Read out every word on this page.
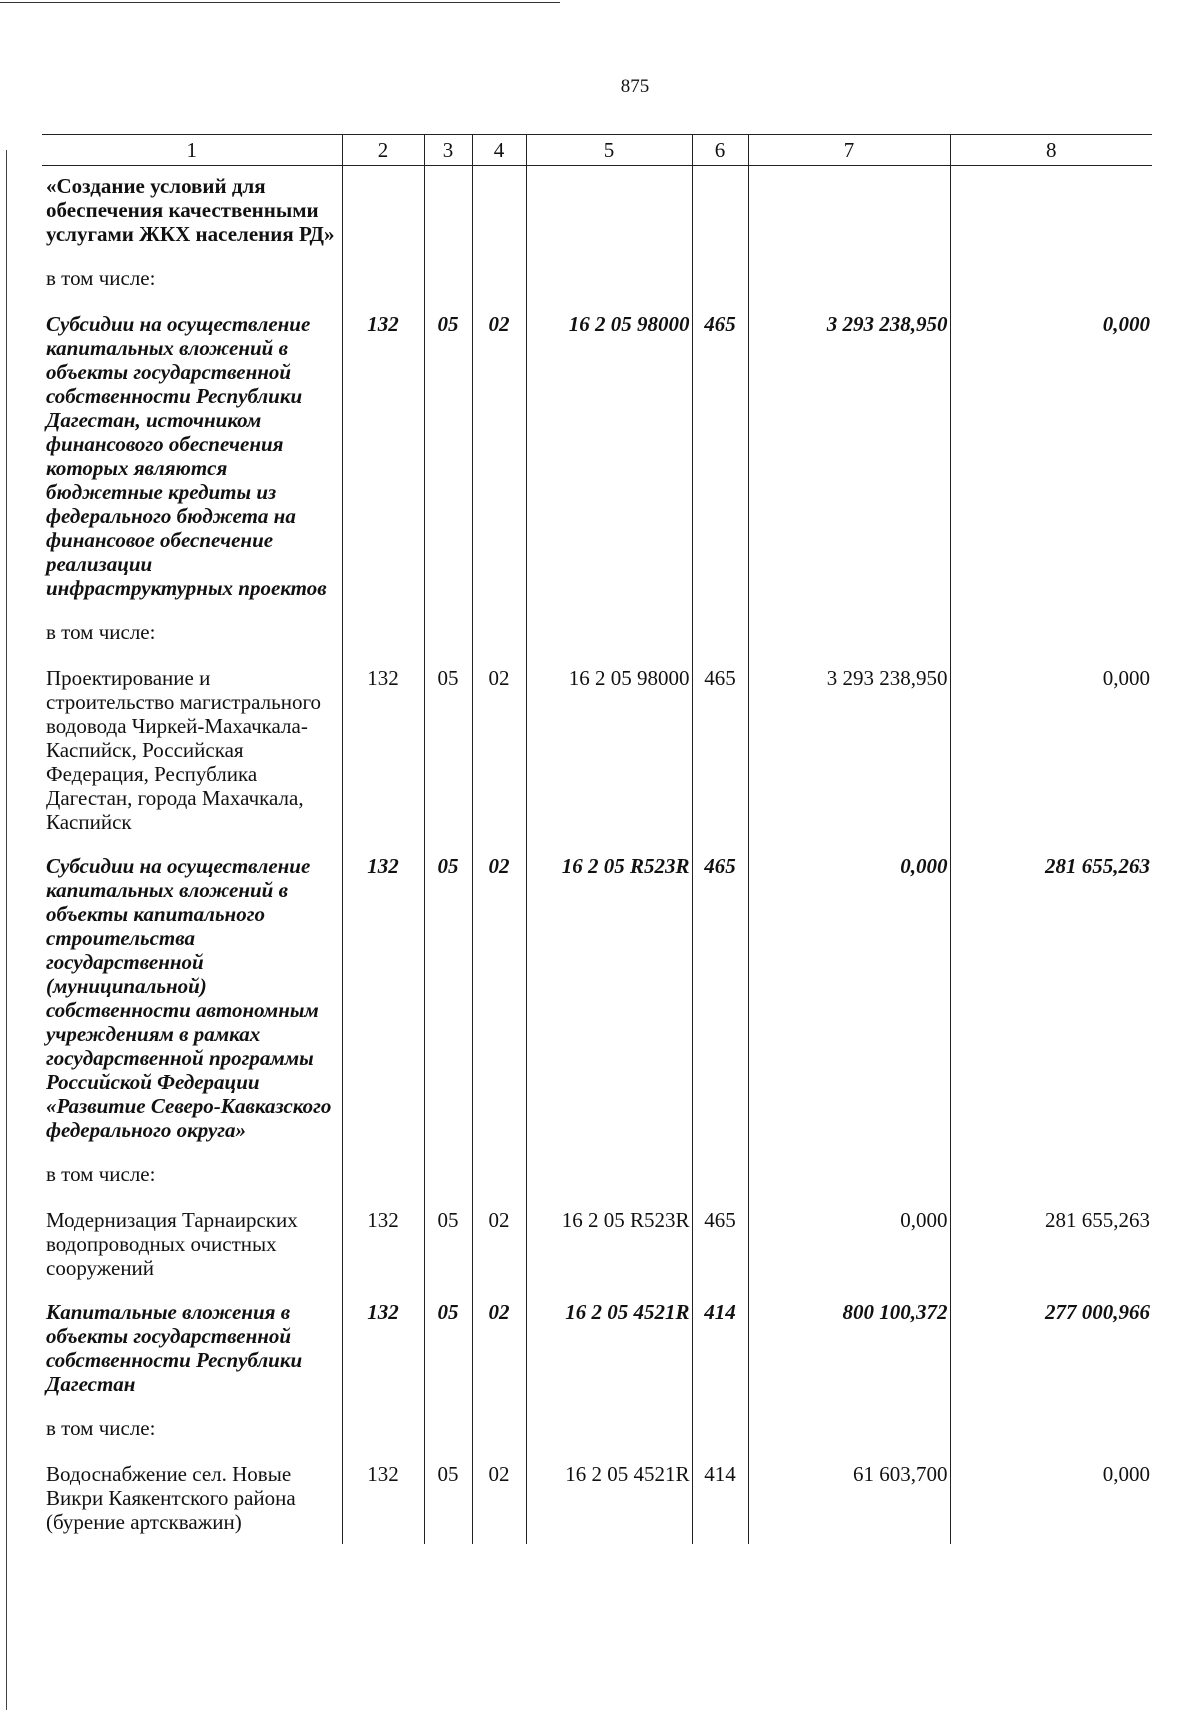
875
1	2	3	4	5	6	7	8
«Создание условий для обеспечения качественными услугами ЖКХ населения РД»							
в том числе:							
Субсидии на осуществление капитальных вложений в объекты государственной собственности Республики Дагестан, источником финансового обеспечения которых являются бюджетные кредиты из федерального бюджета на финансовое обеспечение реализации инфраструктурных проектов	132	05	02	16 2 05 98000	465	3 293 238,950	0,000
в том числе:							
Проектирование и строительство магистрального водовода Чиркей-Махачкала-Каспийск, Российская Федерация, Республика Дагестан, города Махачкала, Каспийск	132	05	02	16 2 05 98000	465	3 293 238,950	0,000
Субсидии на осуществление капитальных вложений в объекты капитального строительства государственной (муниципальной) собственности автономным учреждениям в рамках государственной программы Российской Федерации «Развитие Северо-Кавказского федерального округа»	132	05	02	16 2 05 R523R	465	0,000	281 655,263
в том числе:							
Модернизация Тарнаирских водопроводных очистных сооружений	132	05	02	16 2 05 R523R	465	0,000	281 655,263
Капитальные вложения в объекты государственной собственности Республики Дагестан	132	05	02	16 2 05 4521R	414	800 100,372	277 000,966
в том числе:							
Водоснабжение сел. Новые Викри Каякентского района (бурение артскважин)	132	05	02	16 2 05 4521R	414	61 603,700	0,000
